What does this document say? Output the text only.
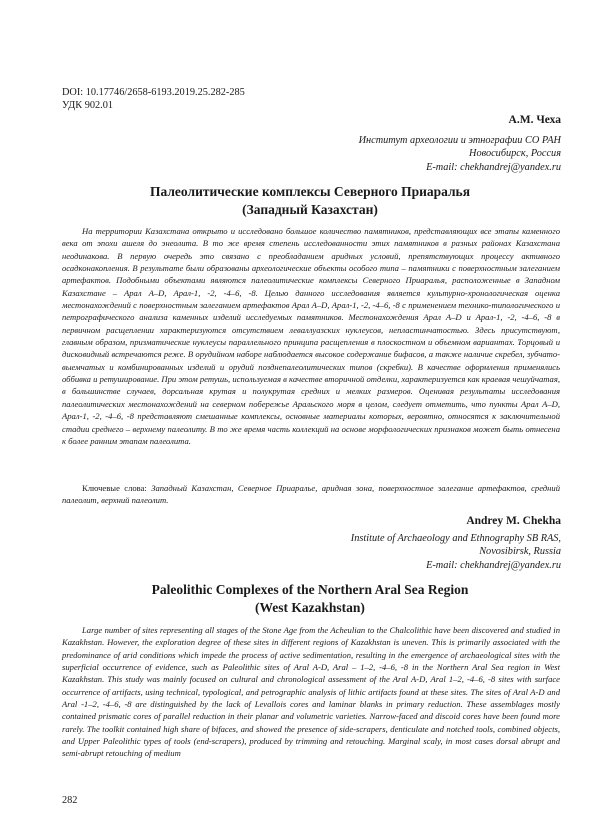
DOI: 10.17746/2658-6193.2019.25.282-285
УДК 902.01
А.М. Чеха
Институт археологии и этнографии СО РАН
Новосибирск, Россия
E-mail: chekhandrej@yandex.ru
Палеолитические комплексы Северного Приаралья
(Западный Казахстан)

На территории Казахстана открыто и исследовано большое количество памятников, представляющих все этапы каменного века от эпохи ашеля до энеолита. В то же время степень исследованности этих памятников в разных районах Казахстана неодинакова. В первую очередь это связано с преобладанием аридных условий, препятствующих процессу активного осадконакопления. В результате были образованы археологические объекты особого типа – памятники с поверхностным залеганием артефактов. Подобными объектами являются палеолитические комплексы Северного Приаралья, расположенные в Западном Казахстане – Арал А–D, Арал-1, -2, -4–6, -8. Целью данного исследования является культурно-хронологическая оценка местонахождений с поверхностным залеганием артефактов Арал А–D, Арал-1, -2, -4–6, -8 с применением технико-типологического и петрографического анализа каменных изделий исследуемых памятников. Местонахождения Арал А–D и Арал-1, -2, -4–6, -8 в первичном расщеплении характеризуются отсутствием леваллуазских нуклеусов, непластинчатостью. Здесь присутствуют, главным образом, призматические нуклеусы параллельного принципа расщепления в плоскостном и объемном вариантах. Торцовый и дисковидный встречаются реже. В орудийном наборе наблюдается высокое содержание бифасов, а также наличие скребел, зубчато-выемчатых и комбинированных изделий и орудий позднепалеолитических типов (скребки). В качестве оформления применялись оббивка и ретуширование. При этом ретушь, используемая в качестве вторичной отделки, характеризуется как краевая чешуйчатая, в большинстве случаев, дорсальная крутая и полукрутая средних и мелких размеров. Оценивая результаты исследования палеолитических местонахождений на северном побережье Аральского моря в целом, следует отметить, что пункты Арал А–D, Арал-1, -2, -4–6, -8 представляют смешанные комплексы, основные материалы которых, вероятно, относятся к заключительной стадии среднего – верхнему палеолиту. В то же время часть коллекций на основе морфологических признаков может быть отнесена к более ранним этапам палеолита.

Ключевые слова: Западный Казахстан, Северное Приаралье, аридная зона, поверхностное залегание артефактов, средний палеолит, верхний палеолит.

Andrey M. Chekha
Institute of Archaeology and Ethnography SB RAS,
Novosibirsk, Russia
E-mail: chekhandrej@yandex.ru
Paleolithic Complexes of the Northern Aral Sea Region
(West Kazakhstan)

Large number of sites representing all stages of the Stone Age from the Acheulian to the Chalcolithic have been discovered and studied in Kazakhstan. However, the exploration degree of these sites in different regions of Kazakhstan is uneven. This is primarily associated with the predominance of arid conditions which impede the process of active sedimentation, resulting in the emergence of archaeological sites with the superficial occurrence of evidence, such as Paleolithic sites of Aral A-D, Aral – 1–2, -4–6, -8 in the Northern Aral Sea region in West Kazakhstan. This study was mainly focused on cultural and chronological assessment of the Aral A-D, Aral 1–2, -4–6, -8 sites with surface occurrence of artifacts, using technical, typological, and petrographic analysis of lithic artifacts found at these sites. The sites of Aral A-D and Aral -1–2, -4–6, -8 are distinguished by the lack of Levallois cores and laminar blanks in primary reduction. These assemblages mostly contained prismatic cores of parallel reduction in their planar and volumetric varieties. Narrow-faced and discoid cores have been found more rarely. The toolkit contained high share of bifaces, and showed the presence of side-scrapers, denticulate and notched tools, combined objects, and Upper Paleolithic types of tools (end-scrapers), produced by trimming and retouching. Marginal scaly, in most cases dorsal abrupt and semi-abrupt retouching of medium

282
